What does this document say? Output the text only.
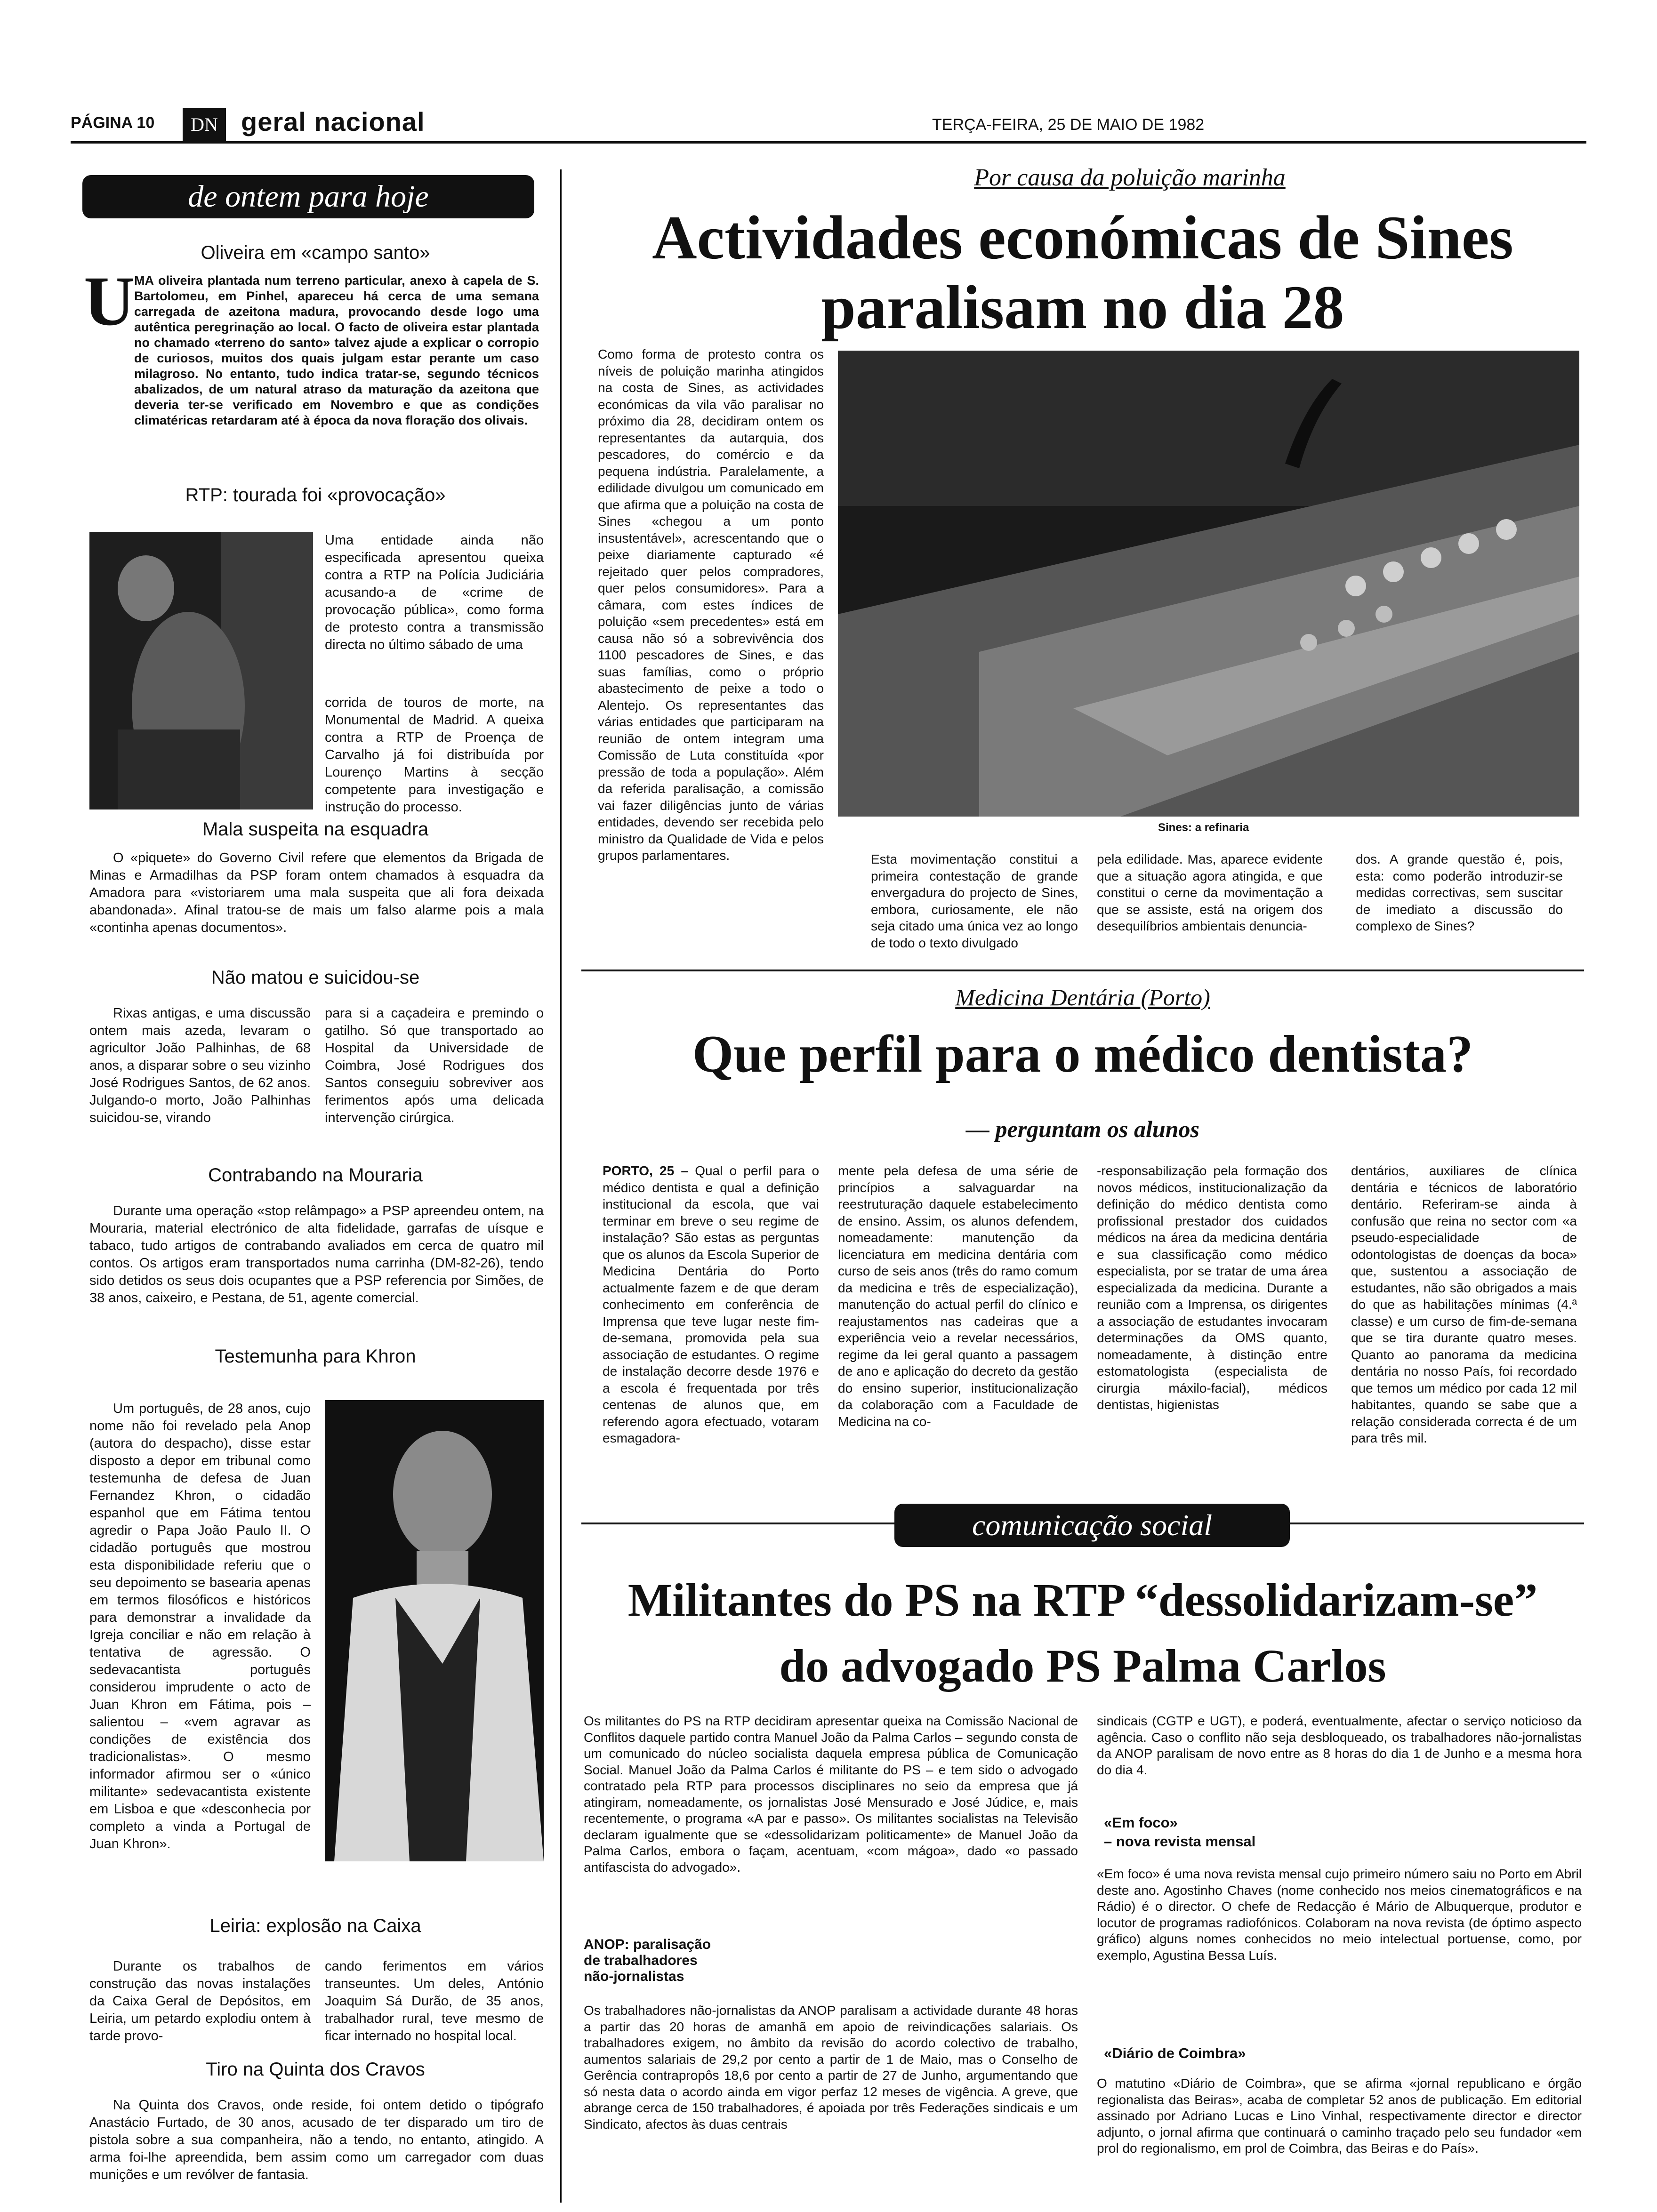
PÁGINA 10	DN geral nacional	TERÇA-FEIRA, 25 DE MAIO DE 1982
de ontem para hoje
Oliveira em «campo santo»
U
MA oliveira plantada num terreno particular, anexo à capela de S. Bartolomeu, em Pinhel, apareceu há cerca de uma semana carregada de azeitona madura, provocando desde logo uma autêntica peregrinação ao local. O facto de oliveira estar plantada no chamado «terreno do santo» talvez ajude a explicar o corropio de curiosos, muitos dos quais julgam estar perante um caso milagroso. No entanto, tudo indica tratar-se, segundo técnicos abalizados, de um natural atraso da maturação da azeitona que deveria ter-se verificado em Novembro e que as condições climatéricas retardaram até à época da nova floração dos olivais.
RTP: tourada foi «provocação»
Uma entidade ainda não especificada apresentou queixa contra a RTP na Polícia Judiciária acusando-a de «crime de provocação pública», como forma de protesto contra a transmissão directa no último sábado de uma
corrida de touros de morte, na Monumental de Madrid. A queixa contra a RTP de Proença de Carvalho já foi distribuída por Lourenço Martins à secção competente para investigação e instrução do processo.
Mala suspeita na esquadra
O «piquete» do Governo Civil refere que elementos da Brigada de Minas e Armadilhas da PSP foram ontem chamados à esquadra da Amadora para «vistoriarem uma mala suspeita que ali fora deixada abandonada». Afinal tratou-se de mais um falso alarme pois a mala «continha apenas documentos».
Não matou e suicidou-se
Rixas antigas, e uma discussão ontem mais azeda, levaram o agricultor João Palhinhas, de 68 anos, a disparar sobre o seu vizinho José Rodrigues Santos, de 62 anos. Julgando-o morto, João Palhinhas suicidou-se, virando
para si a caçadeira e premindo o gatilho. Só que transportado ao Hospital da Universidade de Coimbra, José Rodrigues dos Santos conseguiu sobreviver aos ferimentos após uma delicada intervenção cirúrgica.
Contrabando na Mouraria
Durante uma operação «stop relâmpago» a PSP apreendeu ontem, na Mouraria, material electrónico de alta fidelidade, garrafas de uísque e tabaco, tudo artigos de contrabando avaliados em cerca de quatro mil contos. Os artigos eram transportados numa carrinha (DM-82-26), tendo sido detidos os seus dois ocupantes que a PSP referencia por Simões, de 38 anos, caixeiro, e Pestana, de 51, agente comercial.
Testemunha para Khron
Um português, de 28 anos, cujo nome não foi revelado pela Anop (autora do despacho), disse estar disposto a depor em tribunal como testemunha de defesa de Juan Fernandez Khron, o cidadão espanhol que em Fátima tentou agredir o Papa João Paulo II. O cidadão português que mostrou esta disponibilidade referiu que o seu depoimento se basearia apenas em termos filosóficos e históricos para demonstrar a invalidade da Igreja conciliar e não em relação à tentativa de agressão. O sedevacantista português considerou imprudente o acto de Juan Khron em Fátima, pois – salientou – «vem agravar as condições de existência dos tradicionalistas». O mesmo informador afirmou ser o «único militante» sedevacantista existente em Lisboa e que «desconhecia por completo a vinda a Portugal de Juan Khron».
Leiria: explosão na Caixa
Durante os trabalhos de construção das novas instalações da Caixa Geral de Depósitos, em Leiria, um petardo explodiu ontem à tarde provo-
cando ferimentos em vários transeuntes. Um deles, António Joaquim Sá Durão, de 35 anos, trabalhador rural, teve mesmo de ficar internado no hospital local.
Tiro na Quinta dos Cravos
Na Quinta dos Cravos, onde reside, foi ontem detido o tipógrafo Anastácio Furtado, de 30 anos, acusado de ter disparado um tiro de pistola sobre a sua companheira, não a tendo, no entanto, atingido. A arma foi-lhe apreendida, bem assim como um carregador com duas munições e um revólver de fantasia.
Por causa da poluição marinha
Actividades económicas de Sines
paralisam no dia 28
Como forma de protesto contra os níveis de poluição marinha atingidos na costa de Sines, as actividades económicas da vila vão paralisar no próximo dia 28, decidiram ontem os representantes da autarquia, dos pescadores, do comércio e da pequena indústria. Paralelamente, a edilidade divulgou um comunicado em que afirma que a poluição na costa de Sines «chegou a um ponto insustentável», acrescentando que o peixe diariamente capturado «é rejeitado quer pelos compradores, quer pelos consumidores». Para a câmara, com estes índices de poluição «sem precedentes» está em causa não só a sobrevivência dos 1100 pescadores de Sines, e das suas famílias, como o próprio abastecimento de peixe a todo o Alentejo. Os representantes das várias entidades que participaram na reunião de ontem integram uma Comissão de Luta constituída «por pressão de toda a população». Além da referida paralisação, a comissão vai fazer diligências junto de várias entidades, devendo ser recebida pelo ministro da Qualidade de Vida e pelos grupos parlamentares.
Sines: a refinaria
Esta movimentação constitui a primeira contestação de grande envergadura do projecto de Sines, embora, curiosamente, ele não seja citado uma única vez ao longo de todo o texto divulgado
pela edilidade. Mas, aparece evidente que a situação agora atingida, e que constitui o cerne da movimentação a que se assiste, está na origem dos desequilíbrios ambientais denuncia-
dos. A grande questão é, pois, esta: como poderão introduzir-se medidas correctivas, sem suscitar de imediato a discussão do complexo de Sines?
Medicina Dentária (Porto)
Que perfil para o médico dentista?
— perguntam os alunos
PORTO, 25 – Qual o perfil para o médico dentista e qual a definição institucional da escola, que vai terminar em breve o seu regime de instalação? São estas as perguntas que os alunos da Escola Superior de Medicina Dentária do Porto actualmente fazem e de que deram conhecimento em conferência de Imprensa que teve lugar neste fim-de-semana, promovida pela sua associação de estudantes. O regime de instalação decorre desde 1976 e a escola é frequentada por três centenas de alunos que, em referendo agora efectuado, votaram esmagadora-
mente pela defesa de uma série de princípios a salvaguardar na reestruturação daquele estabelecimento de ensino. Assim, os alunos defendem, nomeadamente: manutenção da licenciatura em medicina dentária com curso de seis anos (três do ramo comum da medicina e três de especialização), manutenção do actual perfil do clínico e reajustamentos nas cadeiras que a experiência veio a revelar necessários, regime da lei geral quanto a passagem de ano e aplicação do decreto da gestão do ensino superior, institucionalização da colaboração com a Faculdade de Medicina na co-
-responsabilização pela formação dos novos médicos, institucionalização da definição do médico dentista como profissional prestador dos cuidados médicos na área da medicina dentária e sua classificação como médico especialista, por se tratar de uma área especializada da medicina. Durante a reunião com a Imprensa, os dirigentes a associação de estudantes invocaram determinações da OMS quanto, nomeadamente, à distinção entre estomatologista (especialista de cirurgia máxilo-facial), médicos dentistas, higienistas
dentários, auxiliares de clínica dentária e técnicos de laboratório dentário. Referiram-se ainda à confusão que reina no sector com «a pseudo-especialidade de odontologistas de doenças da boca» que, sustentou a associação de estudantes, não são obrigados a mais do que as habilitações mínimas (4.ª classe) e um curso de fim-de-semana que se tira durante quatro meses. Quanto ao panorama da medicina dentária no nosso País, foi recordado que temos um médico por cada 12 mil habitantes, quando se sabe que a relação considerada correcta é de um para três mil.
comunicação social
Militantes do PS na RTP “dessolidarizam-se”
do advogado PS Palma Carlos
Os militantes do PS na RTP decidiram apresentar queixa na Comissão Nacional de Conflitos daquele partido contra Manuel João da Palma Carlos – segundo consta de um comunicado do núcleo socialista daquela empresa pública de Comunicação Social. Manuel João da Palma Carlos é militante do PS – e tem sido o advogado contratado pela RTP para processos disciplinares no seio da empresa que já atingiram, nomeadamente, os jornalistas José Mensurado e José Júdice, e, mais recentemente, o programa «A par e passo». Os militantes socialistas na Televisão declaram igualmente que se «dessolidarizam politicamente» de Manuel João da Palma Carlos, embora o façam, acentuam, «com mágoa», dado «o passado antifascista do advogado».
ANOP: paralisação de trabalhadores não-jornalistas
Os trabalhadores não-jornalistas da ANOP paralisam a actividade durante 48 horas a partir das 20 horas de amanhã em apoio de reivindicações salariais. Os trabalhadores exigem, no âmbito da revisão do acordo colectivo de trabalho, aumentos salariais de 29,2 por cento a partir de 1 de Maio, mas o Conselho de Gerência contrapropôs 18,6 por cento a partir de 27 de Junho, argumentando que só nesta data o acordo ainda em vigor perfaz 12 meses de vigência. A greve, que abrange cerca de 150 trabalhadores, é apoiada por três Federações sindicais e um Sindicato, afectos às duas centrais
sindicais (CGTP e UGT), e poderá, eventualmente, afectar o serviço noticioso da agência. Caso o conflito não seja desbloqueado, os trabalhadores não-jornalistas da ANOP paralisam de novo entre as 8 horas do dia 1 de Junho e a mesma hora do dia 4.
«Em foco»
– nova revista mensal
«Em foco» é uma nova revista mensal cujo primeiro número saiu no Porto em Abril deste ano. Agostinho Chaves (nome conhecido nos meios cinematográficos e na Rádio) é o director. O chefe de Redacção é Mário de Albuquerque, produtor e locutor de programas radiofónicos. Colaboram na nova revista (de óptimo aspecto gráfico) alguns nomes conhecidos no meio intelectual portuense, como, por exemplo, Agustina Bessa Luís.
«Diário de Coimbra»
O matutino «Diário de Coimbra», que se afirma «jornal republicano e órgão regionalista das Beiras», acaba de completar 52 anos de publicação. Em editorial assinado por Adriano Lucas e Lino Vinhal, respectivamente director e director adjunto, o jornal afirma que continuará o caminho traçado pelo seu fundador «em prol do regionalismo, em prol de Coimbra, das Beiras e do País».
